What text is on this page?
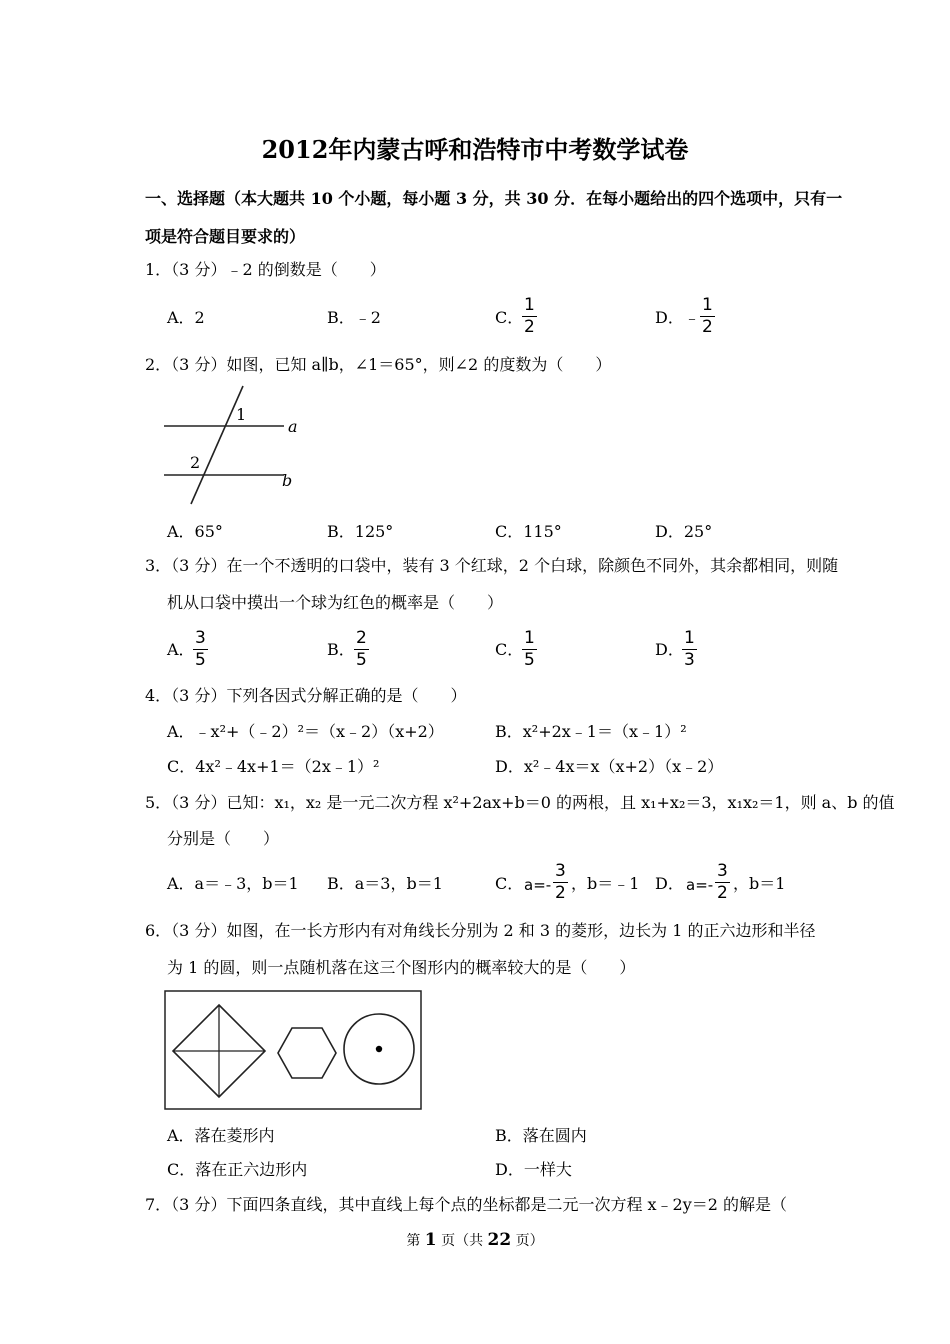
2012年内蒙古呼和浩特市中考数学试卷
一、选择题（本大题共 10 个小题，每小题 3 分，共 30 分．在每小题给出的四个选项中，只有一
项是符合题目要求的）
1．（3 分）﹣2 的倒数是（　　）
A．2	B．﹣2	C．
1
2	D． ﹣
1
2
2．（3 分）如图，已知 a∥b，∠1＝65°，则∠2 的度数为（　　）
1
2
a
b
A．65°	B．125°	C．115°	D．25°
3．（3 分）在一个不透明的口袋中，装有 3 个红球，2 个白球，除颜色不同外，其余都相同，则随
机从口袋中摸出一个球为红色的概率是（　　）
A．
3
5
B．
2
5
C．
1
5
D．
1
3
4．（3 分）下列各因式分解正确的是（　　）
A．﹣x²+（﹣2）²＝（x﹣2）（x+2）	B．x²+2x﹣1＝（x﹣1）²
C．4x²﹣4x+1＝（2x﹣1）²	D．x²﹣4x＝x（x+2）（x﹣2）
5．（3 分）已知：x₁，x₂ 是一元二次方程 x²+2ax+b＝0 的两根，且 x₁+x₂＝3，x₁x₂＝1，则 a、b 的值
分别是（　　）
A．a＝﹣3，b＝1 B．a＝3，b＝1	C． a=-
3
2 ，b＝﹣1 D． a=-
3
2 ，b＝1
6．（3 分）如图，在一长方形内有对角线长分别为 2 和 3 的菱形，边长为 1 的正六边形和半径
为 1 的圆，则一点随机落在这三个图形内的概率较大的是（　　）
A．落在菱形内	B．落在圆内
C．落在正六边形内	D．一样大
7．（3 分）下面四条直线，其中直线上每个点的坐标都是二元一次方程 x﹣2y＝2 的解是（
第 1 页（共 22 页）
